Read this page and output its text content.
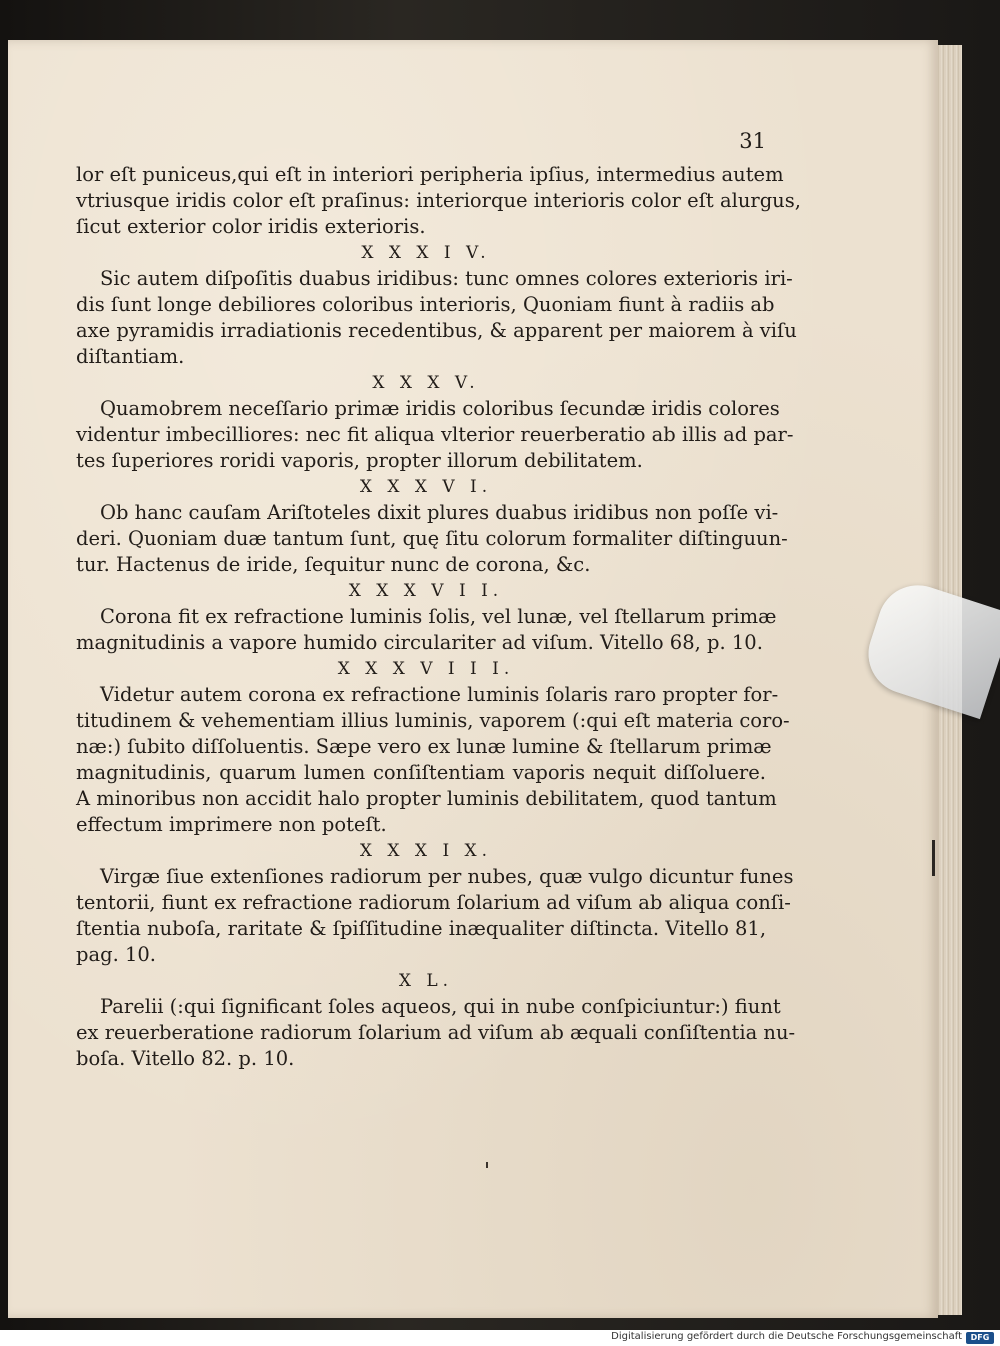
31
lor eſt puniceus,qui eſt in interiori peripheria ipſius, intermedius autem
vtriusque iridis color eſt praſinus: interiorque interioris color eſt alurgus,
ſicut exterior color iridis exterioris.
X X X I V.
Sic autem diſpoſitis duabus iridibus: tunc omnes colores exterioris iri-
dis ſunt longe debiliores coloribus interioris, Quoniam fiunt à radiis ab
axe pyramidis irradiationis recedentibus, & apparent per maiorem à viſu
diſtantiam.
X X X V.
Quamobrem neceſſario primæ iridis coloribus ſecundæ iridis colores
videntur imbecilliores: nec fit aliqua vlterior reuerberatio ab illis ad par-
tes ſuperiores roridi vaporis, propter illorum debilitatem.
X X X V I.
Ob hanc cauſam Ariſtoteles dixit plures duabus iridibus non poſſe vi-
deri. Quoniam duæ tantum ſunt, quę ſitu colorum formaliter diſtinguun-
tur. Hactenus de iride, ſequitur nunc de corona, &c.
X X X V I I.
Corona fit ex refractione luminis ſolis, vel lunæ, vel ſtellarum primæ
magnitudinis a vapore humido circulariter ad viſum. Vitello 68, p. 10.
X X X V I I I.
Videtur autem corona ex refractione luminis ſolaris raro propter for-
titudinem & vehementiam illius luminis, vaporem (:qui eſt materia coro-
næ:) ſubito diſſoluentis. Sæpe vero ex lunæ lumine & ſtellarum primæ
magnitudinis, quarum lumen conſiſtentiam vaporis nequit diſſoluere.
A minoribus non accidit halo propter luminis debilitatem, quod tantum
effectum imprimere non poteſt.
X X X I X.
Virgæ ſiue extenſiones radiorum per nubes, quæ vulgo dicuntur funes
tentorii, fiunt ex refractione radiorum ſolarium ad viſum ab aliqua conſi-
ſtentia nuboſa, raritate & ſpiſſitudine inæqualiter diſtincta. Vitello 81,
pag. 10.
X L.
Parelii (:qui ſignificant ſoles aqueos, qui in nube conſpiciuntur:) fiunt
ex reuerberatione radiorum ſolarium ad viſum ab æquali conſiſtentia nu-
boſa. Vitello 82. p. 10.
Digitalisierung gefördert durch die Deutsche Forschungsgemeinschaft	DFG
